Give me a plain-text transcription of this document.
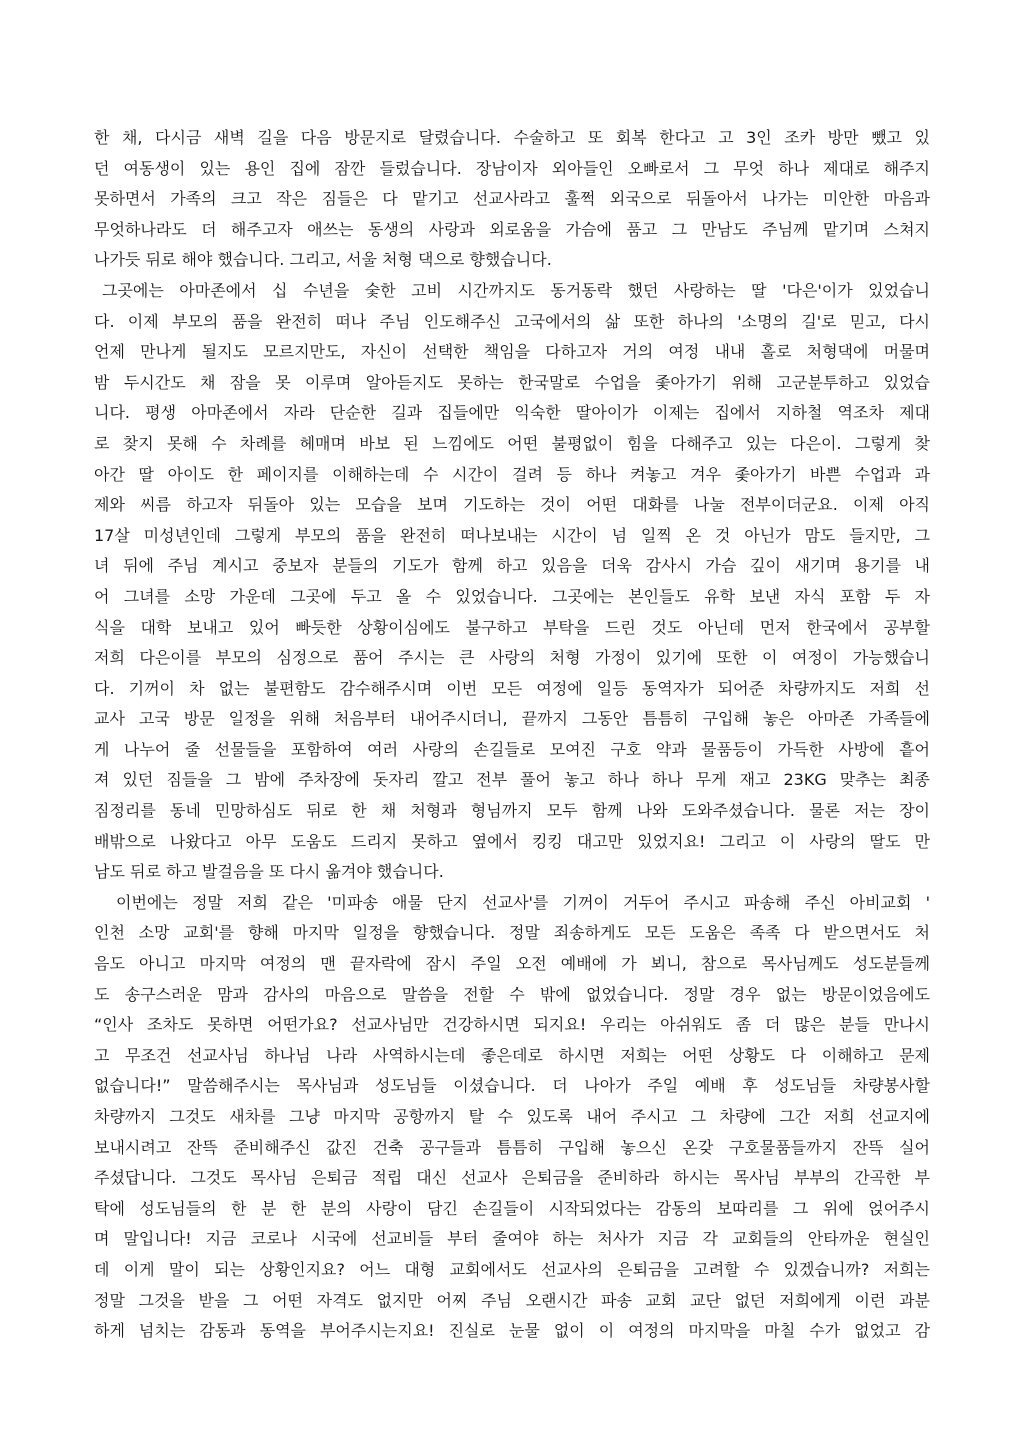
한 채, 다시금 새벽 길을 다음 방문지로 달렸습니다. 수술하고 또 회복 한다고 고 3인 조카 방만 뺐고 있
던 여동생이 있는 용인 집에 잠깐 들렀습니다. 장남이자 외아들인 오빠로서 그 무엇 하나 제대로 해주지
못하면서 가족의 크고 작은 짐들은 다 맡기고 선교사라고 훌쩍 외국으로 뒤돌아서 나가는 미안한 마음과
무엇하나라도 더 해주고자 애쓰는 동생의 사랑과 외로움을 가슴에 품고 그 만남도 주님께 맡기며 스쳐지
나가듯 뒤로 해야 했습니다. 그리고, 서울 처형 댁으로 향했습니다.
그곳에는 아마존에서 십 수년을 숯한 고비 시간까지도 동거동락 했던 사랑하는 딸 '다은'이가 있었습니
다. 이제 부모의 품을 완전히 떠나 주님 인도해주신 고국에서의 삶 또한 하나의 '소명의 길'로 믿고, 다시
언제 만나게 될지도 모르지만도, 자신이 선택한 책임을 다하고자 거의 여정 내내 홀로 처형댁에 머물며
밤 두시간도 채 잠을 못 이루며 알아듣지도 못하는 한국말로 수업을 좇아가기 위해 고군분투하고 있었습
니다. 평생 아마존에서 자라 단순한 길과 집들에만 익숙한 딸아이가 이제는 집에서 지하철 역조차 제대
로 찾지 못해 수 차례를 헤매며 바보 된 느낌에도 어떤 불평없이 힘을 다해주고 있는 다은이. 그렇게 찾
아간 딸 아이도 한 페이지를 이해하는데 수 시간이 걸려 등 하나 켜놓고 겨우 좇아가기 바쁜 수업과 과
제와 씨름 하고자 뒤돌아 있는 모습을 보며 기도하는 것이 어떤 대화를 나눌 전부이더군요. 이제 아직
17살 미성년인데 그렇게 부모의 품을 완전히 떠나보내는 시간이 넘 일찍 온 것 아닌가 맘도 들지만, 그
녀 뒤에 주님 계시고 중보자 분들의 기도가 함께 하고 있음을 더욱 감사시 가슴 깊이 새기며 용기를 내
어 그녀를 소망 가운데 그곳에 두고 올 수 있었습니다. 그곳에는 본인들도 유학 보낸 자식 포함 두 자
식을 대학 보내고 있어 빠듯한 상황이심에도 불구하고 부탁을 드린 것도 아닌데 먼저 한국에서 공부할
저희 다은이를 부모의 심정으로 품어 주시는 큰 사랑의 처형 가정이 있기에 또한 이 여정이 가능했습니
다. 기꺼이 차 없는 불편함도 감수해주시며 이번 모든 여정에 일등 동역자가 되어준 차량까지도 저희 선
교사 고국 방문 일정을 위해 처음부터 내어주시더니, 끝까지 그동안 틈틈히 구입해 놓은 아마존 가족들에
게 나누어 줄 선물들을 포함하여 여러 사랑의 손길들로 모여진 구호 약과 물품등이 가득한 사방에 흩어
져 있던 짐들을 그 밤에 주차장에 돗자리 깔고 전부 풀어 놓고 하나 하나 무게 재고 23KG 맞추는 최종
짐정리를 동네 민망하심도 뒤로 한 채 처형과 형님까지 모두 함께 나와 도와주셨습니다. 물론 저는 장이
배밖으로 나왔다고 아무 도움도 드리지 못하고 옆에서 킹킹 대고만 있었지요! 그리고 이 사랑의 딸도 만
남도 뒤로 하고 발걸음을 또 다시 옮겨야 했습니다.
이번에는 정말 저희 같은 '미파송 애물 단지 선교사'를 기꺼이 거두어 주시고 파송해 주신 아비교회 '
인천 소망 교회'를 향해 마지막 일정을 향했습니다. 정말 죄송하게도 모든 도움은 족족 다 받으면서도 처
음도 아니고 마지막 여정의 맨 끝자락에 잠시 주일 오전 예배에 가 뵈니, 참으로 목사님께도 성도분들께
도 송구스러운 맘과 감사의 마음으로 말씀을 전할 수 밖에 없었습니다. 정말 경우 없는 방문이었음에도
“인사 조차도 못하면 어떤가요? 선교사님만 건강하시면 되지요! 우리는 아쉬워도 좀 더 많은 분들 만나시
고 무조건 선교사님 하나님 나라 사역하시는데 좋은데로 하시면 저희는 어떤 상황도 다 이해하고 문제
없습니다!” 말씀해주시는 목사님과 성도님들 이셨습니다. 더 나아가 주일 예배 후 성도님들 차량봉사할
차량까지 그것도 새차를 그냥 마지막 공항까지 탈 수 있도록 내어 주시고 그 차량에 그간 저희 선교지에
보내시려고 잔뜩 준비해주신 값진 건축 공구들과 틈틈히 구입해 놓으신 온갖 구호물품들까지 잔뜩 실어
주셨답니다. 그것도 목사님 은퇴금 적립 대신 선교사 은퇴금을 준비하라 하시는 목사님 부부의 간곡한 부
탁에 성도님들의 한 분 한 분의 사랑이 담긴 손길들이 시작되었다는 감동의 보따리를 그 위에 얹어주시
며 말입니다! 지금 코로나 시국에 선교비들 부터 줄여야 하는 처사가 지금 각 교회들의 안타까운 현실인
데 이게 말이 되는 상황인지요? 어느 대형 교회에서도 선교사의 은퇴금을 고려할 수 있겠습니까? 저희는
정말 그것을 받을 그 어떤 자격도 없지만 어찌 주님 오랜시간 파송 교회 교단 없던 저희에게 이런 과분
하게 넘치는 감동과 동역을 부어주시는지요! 진실로 눈물 없이 이 여정의 마지막을 마칠 수가 없었고 감
